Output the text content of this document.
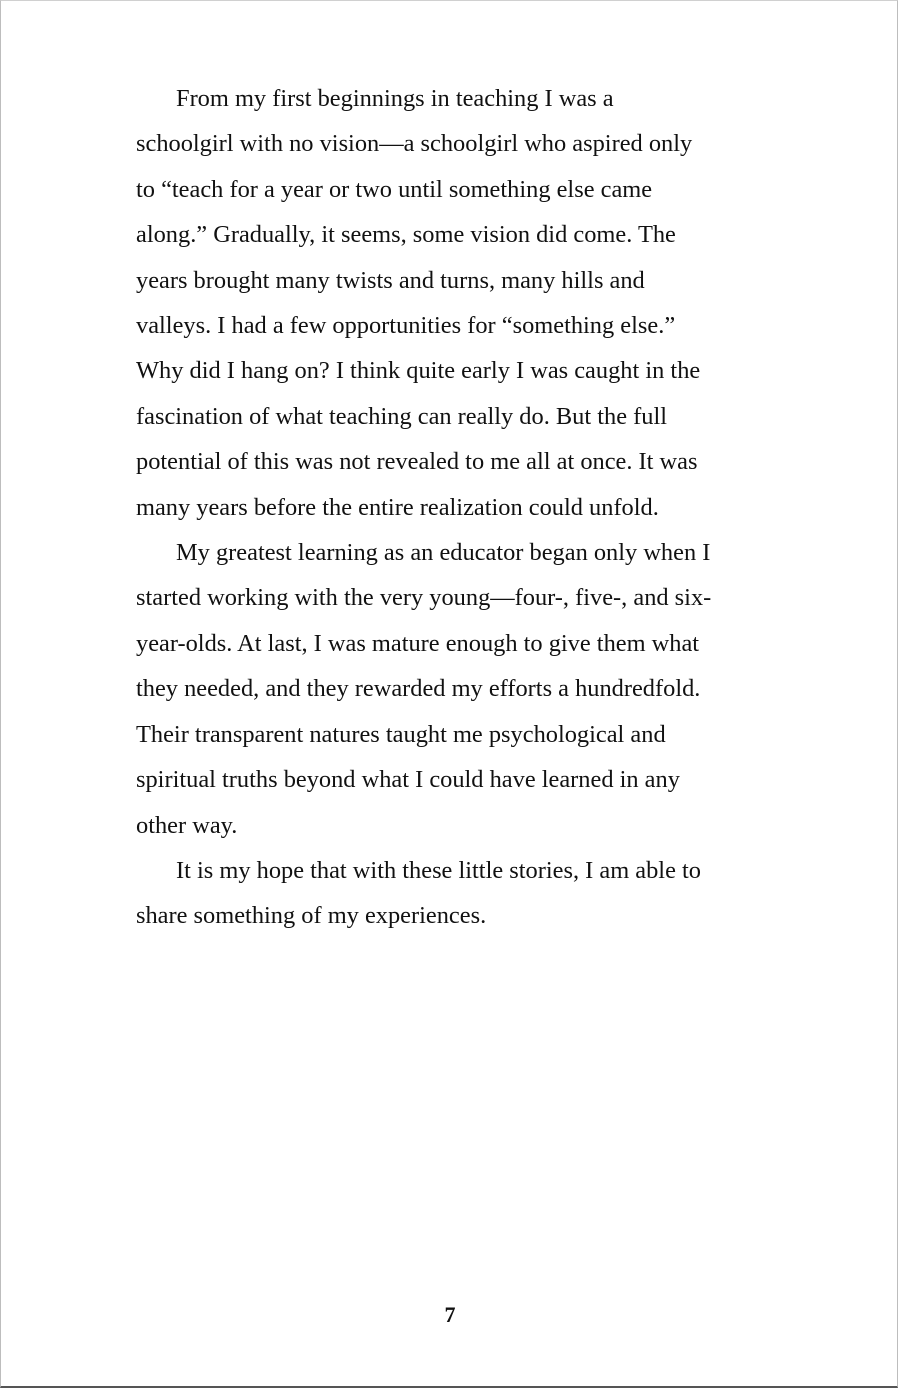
From my first beginnings in teaching I was a
schoolgirl with no vision—a schoolgirl who aspired only
to “teach for a year or two until something else came
along.” Gradually, it seems, some vision did come. The
years brought many twists and turns, many hills and
valleys. I had a few opportunities for “something else.”
Why did I hang on? I think quite early I was caught in the
fascination of what teaching can really do. But the full
potential of this was not revealed to me all at once. It was
many years before the entire realization could unfold.

My greatest learning as an educator began only when I
started working with the very young—four-, five-, and six-
year-olds. At last, I was mature enough to give them what
they needed, and they rewarded my efforts a hundredfold.
Their transparent natures taught me psychological and
spiritual truths beyond what I could have learned in any
other way.

It is my hope that with these little stories, I am able to
share something of my experiences.

7
